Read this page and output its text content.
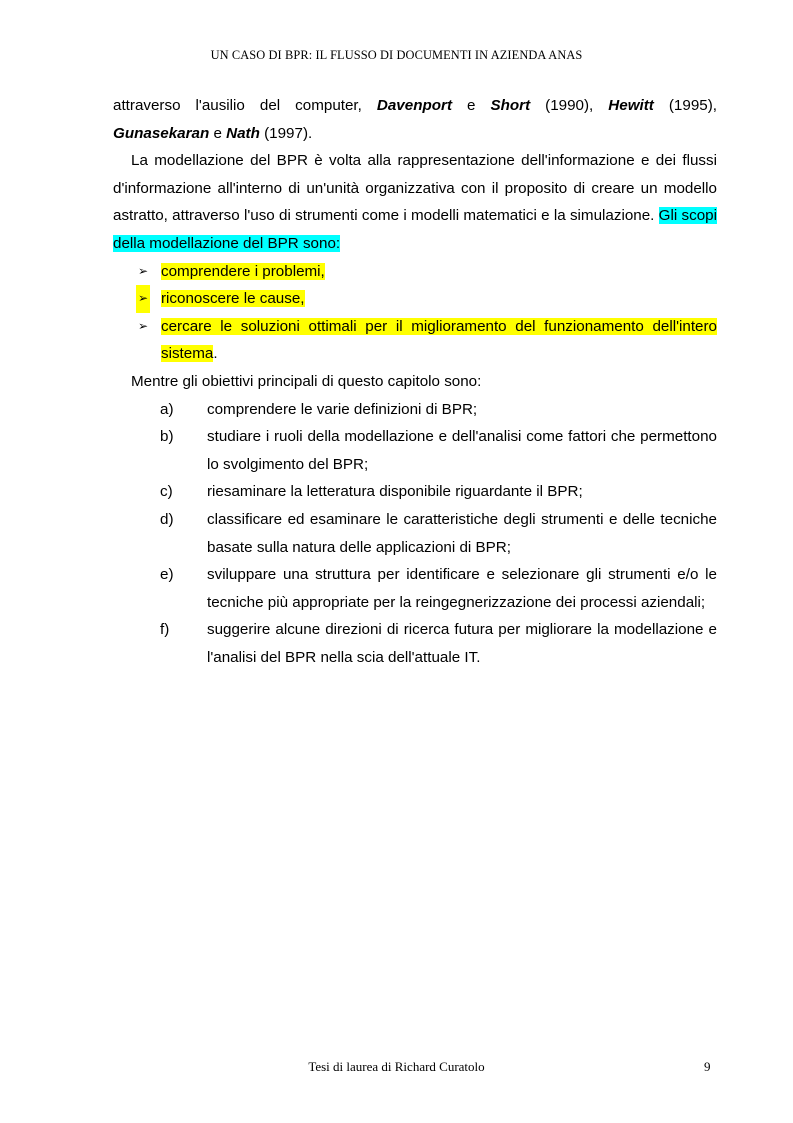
UN CASO DI BPR: IL FLUSSO DI DOCUMENTI IN AZIENDA ANAS

attraverso l'ausilio del computer, Davenport e Short (1990), Hewitt (1995),

Gunasekaran e Nath (1997).

La modellazione del BPR è volta alla rappresentazione dell'informazione e dei flussi d'informazione all'interno di un'unità organizzativa con il proposito di creare un modello astratto, attraverso l'uso di strumenti come i modelli matematici e la simulazione. Gli scopi della modellazione del BPR sono:

➢ comprendere i problemi,
➢ riconoscere le cause,
➢ cercare le soluzioni ottimali per il miglioramento del funzionamento dell'intero sistema.

Mentre gli obiettivi principali di questo capitolo sono:

a) comprendere le varie definizioni di BPR;
b) studiare i ruoli della modellazione e dell'analisi come fattori che permettono lo svolgimento del BPR;
c) riesaminare la letteratura disponibile riguardante il BPR;
d) classificare ed esaminare le caratteristiche degli strumenti e delle tecniche basate sulla natura delle applicazioni di BPR;
e) sviluppare una struttura per identificare e selezionare gli strumenti e/o le tecniche più appropriate per la reingegnerizzazione dei processi aziendali;
f) suggerire alcune direzioni di ricerca futura per migliorare la modellazione e l'analisi del BPR nella scia dell'attuale IT.
Tesi di laurea di Richard Curatolo	9
